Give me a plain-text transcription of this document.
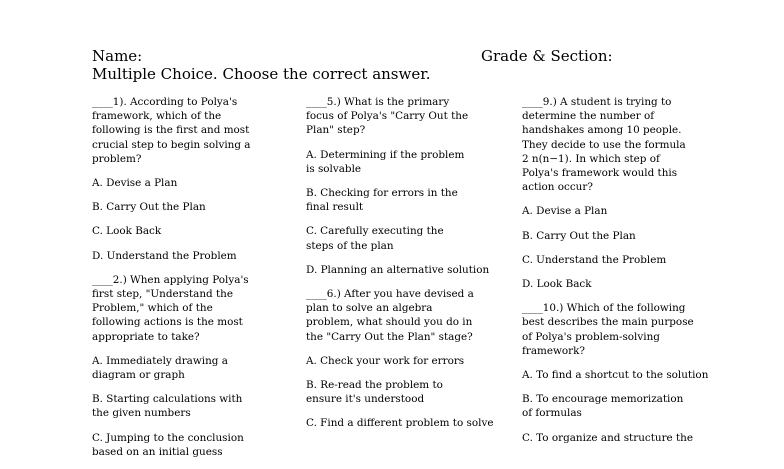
Name:	Grade & Section:
Multiple Choice. Choose the correct answer.
____1). According to Polya's framework, which of the following is the first and most crucial step to begin solving a problem?
A. Devise a Plan
B. Carry Out the Plan
C. Look Back
D. Understand the Problem
____2.) When applying Polya's first step, "Understand the Problem," which of the following actions is the most appropriate to take?
A. Immediately drawing a diagram or graph
B. Starting calculations with the given numbers
C. Jumping to the conclusion based on an initial guess
____5.) What is the primary focus of Polya's "Carry Out the Plan" step?
A. Determining if the problem is solvable
B. Checking for errors in the final result
C. Carefully executing the steps of the plan
D. Planning an alternative solution
____6.) After you have devised a plan to solve an algebra problem, what should you do in the "Carry Out the Plan" stage?
A. Check your work for errors
B. Re-read the problem to ensure it's understood
C. Find a different problem to solve
____9.) A student is trying to determine the number of handshakes among 10 people. They decide to use the formula 2 n(n−1). In which step of Polya's framework would this action occur?
A. Devise a Plan
B. Carry Out the Plan
C. Understand the Problem
D. Look Back
____10.) Which of the following best describes the main purpose of Polya's problem-solving framework?
A. To find a shortcut to the solution
B. To encourage memorization of formulas
C. To organize and structure the
